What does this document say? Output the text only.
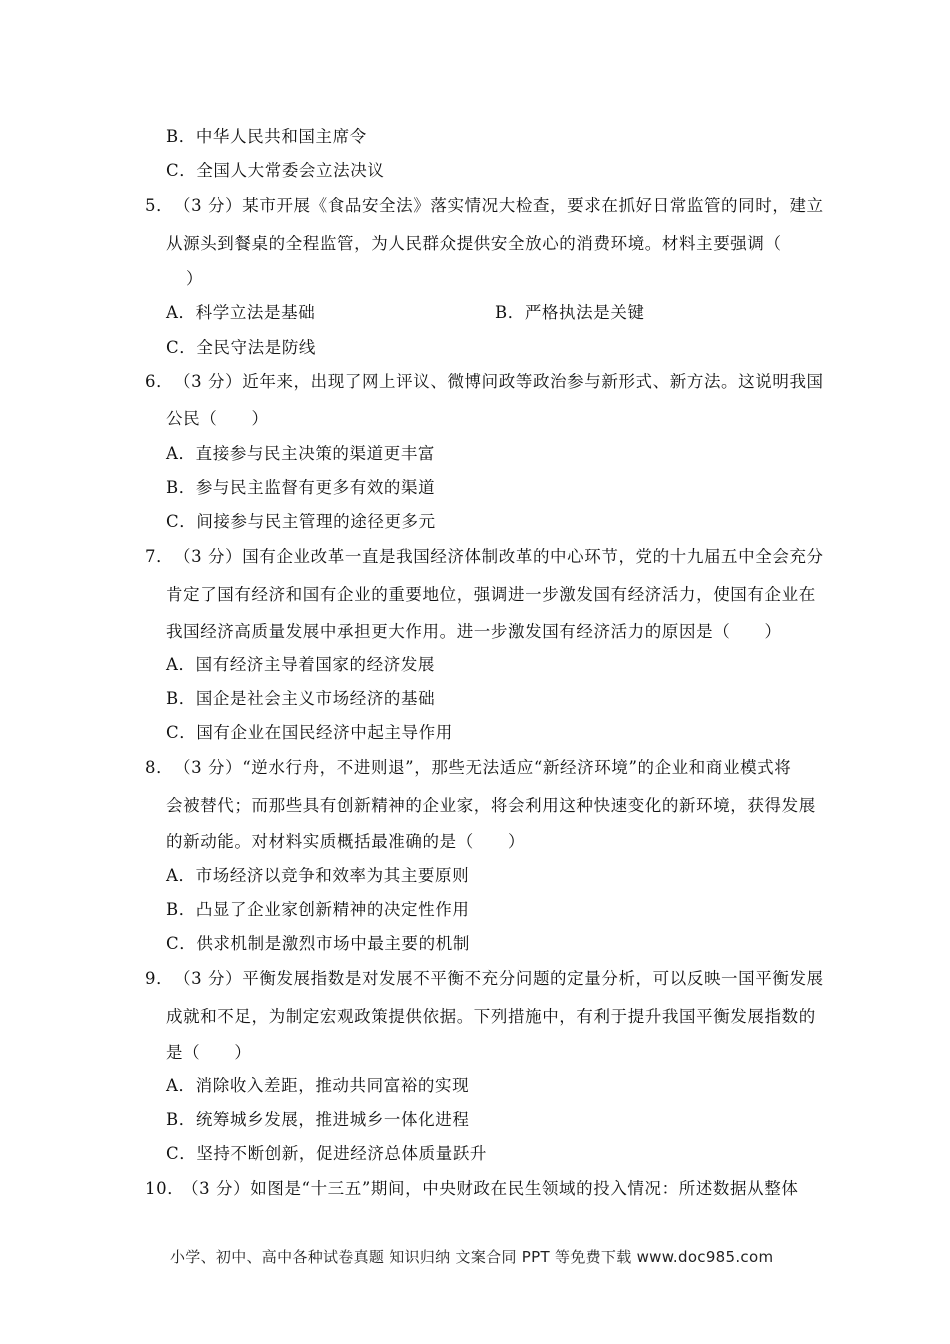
B．中华人民共和国主席令
C．全国人大常委会立法决议
5． （3 分）某市开展《食品安全法》落实情况大检查，要求在抓好日常监管的同时，建立
从源头到餐桌的全程监管，为人民群众提供安全放心的消费环境。材料主要强调（
）
A．科学立法是基础	B．严格执法是关键
C．全民守法是防线
6． （3 分）近年来，出现了网上评议、微博问政等政治参与新形式、新方法。这说明我国
公民（　　）
A．直接参与民主决策的渠道更丰富
B．参与民主监督有更多有效的渠道
C．间接参与民主管理的途径更多元
7． （3 分）国有企业改革一直是我国经济体制改革的中心环节，党的十九届五中全会充分
肯定了国有经济和国有企业的重要地位，强调进一步激发国有经济活力，使国有企业在
我国经济高质量发展中承担更大作用。进一步激发国有经济活力的原因是（　　）
A．国有经济主导着国家的经济发展
B．国企是社会主义市场经济的基础
C．国有企业在国民经济中起主导作用
8． （3 分）“逆水行舟，不进则退”，那些无法适应“新经济环境”的企业和商业模式将
会被替代；而那些具有创新精神的企业家，将会利用这种快速变化的新环境，获得发展
的新动能。对材料实质概括最准确的是（　　）
A．市场经济以竞争和效率为其主要原则
B．凸显了企业家创新精神的决定性作用
C．供求机制是激烈市场中最主要的机制
9． （3 分）平衡发展指数是对发展不平衡不充分问题的定量分析，可以反映一国平衡发展
成就和不足，为制定宏观政策提供依据。下列措施中，有利于提升我国平衡发展指数的
是（　　）
A．消除收入差距，推动共同富裕的实现
B．统筹城乡发展，推进城乡一体化进程
C．坚持不断创新，促进经济总体质量跃升
10．
（3 分）如图是“十三五”期间，中央财政在民生领域的投入情况：所述数据从整体
小学、初中、高中各种试卷真题 知识归纳 文案合同 PPT 等免费下载 www.doc985.com
